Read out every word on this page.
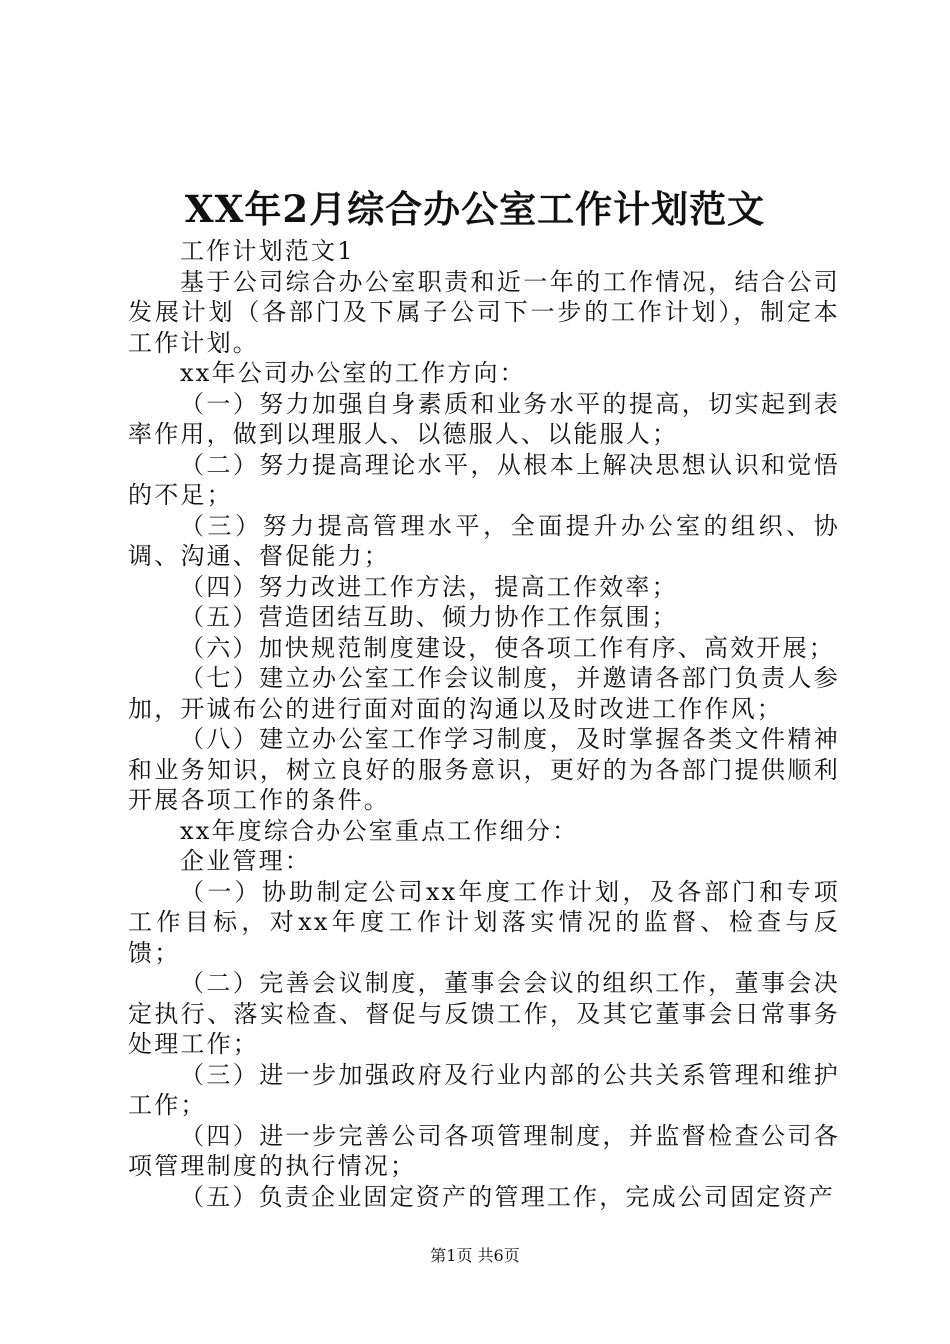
XX年2月综合办公室工作计划范文

工作计划范文1

基于公司综合办公室职责和近一年的工作情况，结合公司发展计划（各部门及下属子公司下一步的工作计划），制定本工作计划。

xx年公司办公室的工作方向：

（一）努力加强自身素质和业务水平的提高，切实起到表率作用，做到以理服人、以德服人、以能服人；

（二）努力提高理论水平，从根本上解决思想认识和觉悟的不足；

（三）努力提高管理水平，全面提升办公室的组织、协调、沟通、督促能力；

（四）努力改进工作方法，提高工作效率；

（五）营造团结互助、倾力协作工作氛围；

（六）加快规范制度建设，使各项工作有序、高效开展；

（七）建立办公室工作会议制度，并邀请各部门负责人参加，开诚布公的进行面对面的沟通以及时改进工作作风；

（八）建立办公室工作学习制度，及时掌握各类文件精神和业务知识，树立良好的服务意识，更好的为各部门提供顺利开展各项工作的条件。

xx年度综合办公室重点工作细分：

企业管理：

（一）协助制定公司xx年度工作计划，及各部门和专项工作目标，对xx年度工作计划落实情况的监督、检查与反馈；

（二）完善会议制度，董事会会议的组织工作，董事会决定执行、落实检查、督促与反馈工作，及其它董事会日常事务处理工作；

（三）进一步加强政府及行业内部的公共关系管理和维护工作；

（四）进一步完善公司各项管理制度，并监督检查公司各项管理制度的执行情况；

（五）负责企业固定资产的管理工作，完成公司固定资产

第1页 共6页
